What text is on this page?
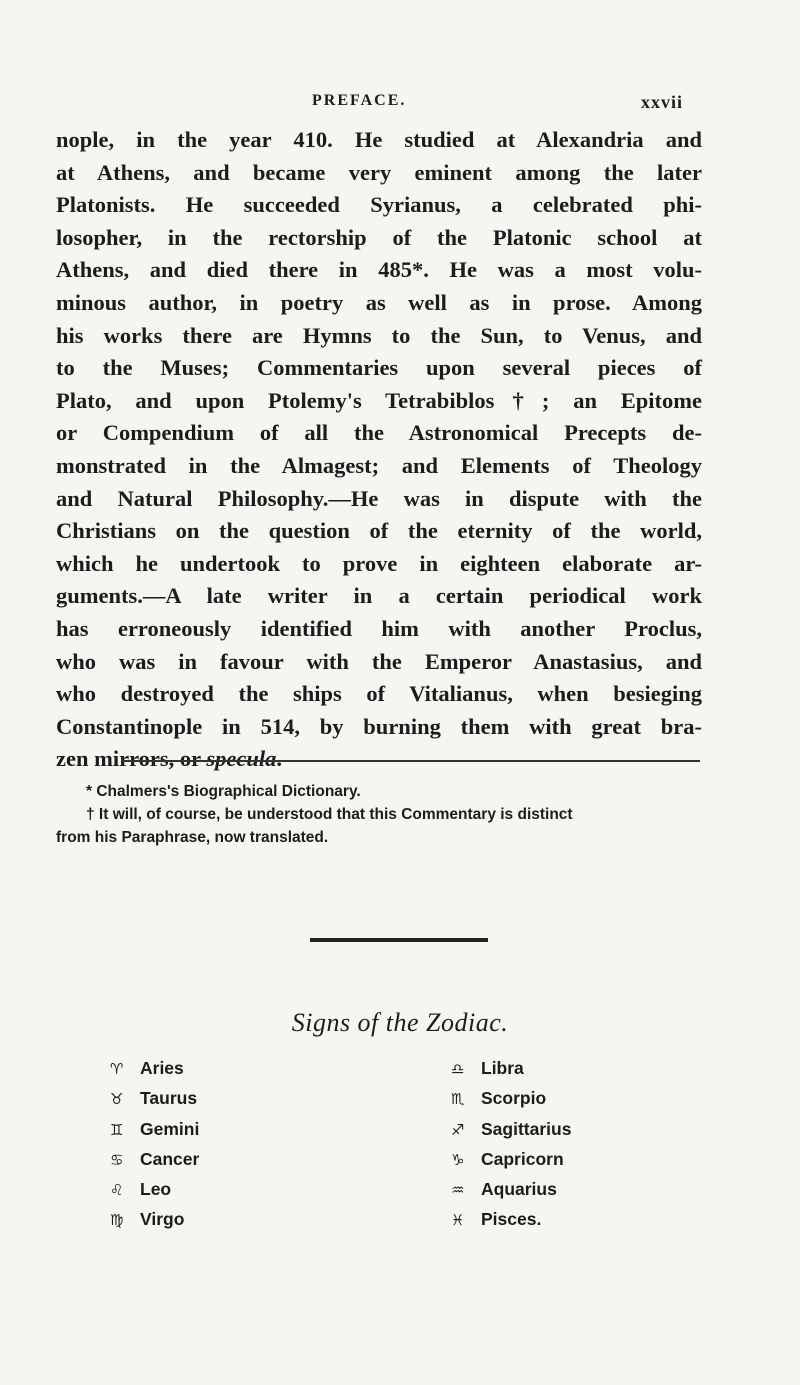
PREFACE.	xxvii
nople, in the year 410. He studied at Alexandria and
at Athens, and became very eminent among the later
Platonists. He succeeded Syrianus, a celebrated phi-
losopher, in the rectorship of the Platonic school at
Athens, and died there in 485*. He was a most volu-
minous author, in poetry as well as in prose. Among
his works there are Hymns to the Sun, to Venus, and
to the Muses; Commentaries upon several pieces of
Plato, and upon Ptolemy's Tetrabiblos†; an Epitome
or Compendium of all the Astronomical Precepts de-
monstrated in the Almagest; and Elements of Theology
and Natural Philosophy.—He was in dispute with the
Christians on the question of the eternity of the world,
which he undertook to prove in eighteen elaborate ar-
guments.—A late writer in a certain periodical work
has erroneously identified him with another Proclus,
who was in favour with the Emperor Anastasius, and
who destroyed the ships of Vitalianus, when besieging
Constantinople in 514, by burning them with great bra-
zen mirrors, or specula.
* Chalmers's Biographical Dictionary.
† It will, of course, be understood that this Commentary is distinct
from his Paraphrase, now translated.
Signs of the Zodiac.
♈︎ Aries
♉︎ Taurus
♊︎ Gemini
♋︎ Cancer
♌︎ Leo
♍︎ Virgo
♎︎ Libra
♏︎ Scorpio
♐︎ Sagittarius
♑︎ Capricorn
♒︎ Aquarius
♓︎ Pisces.
